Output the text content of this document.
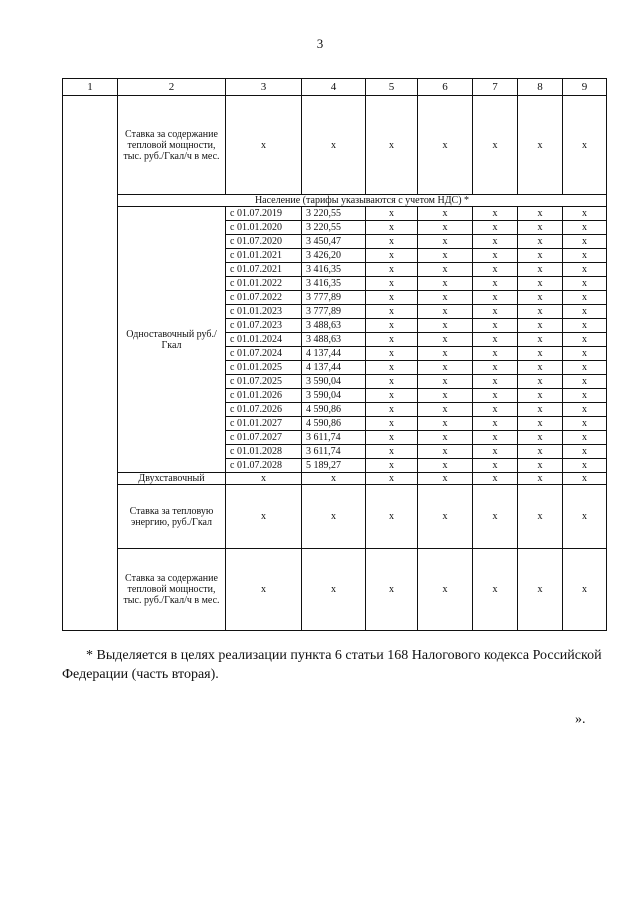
3
1	2	3	4	5	6	7	8	9
	Ставка за содержание тепловой мощности, тыс. руб./Гкал/ч в мес.	х	х	х	х	х	х	х
	Население (тарифы указываются с учетом НДС) *							
	Одноставочный руб./Гкал	с 01.07.2019	3 220,55	х	х	х	х	х
		с 01.01.2020	3 220,55	х	х	х	х	х
		с 01.07.2020	3 450,47	х	х	х	х	х
		с 01.01.2021	3 426,20	х	х	х	х	х
		с 01.07.2021	3 416,35	х	х	х	х	х
		с 01.01.2022	3 416,35	х	х	х	х	х
		с 01.07.2022	3 777,89	х	х	х	х	х
		с 01.01.2023	3 777,89	х	х	х	х	х
		с 01.07.2023	3 488,63	х	х	х	х	х
		с 01.01.2024	3 488,63	х	х	х	х	х
		с 01.07.2024	4 137,44	х	х	х	х	х
		с 01.01.2025	4 137,44	х	х	х	х	х
		с 01.07.2025	3 590,04	х	х	х	х	х
		с 01.01.2026	3 590,04	х	х	х	х	х
		с 01.07.2026	4 590,86	х	х	х	х	х
		с 01.01.2027	4 590,86	х	х	х	х	х
		с 01.07.2027	3 611,74	х	х	х	х	х
		с 01.01.2028	3 611,74	х	х	х	х	х
		с 01.07.2028	5 189,27	х	х	х	х	х
	Двухставочный	х	х	х	х	х	х	х
	Ставка за тепловую энергию, руб./Гкал	х	х	х	х	х	х	х
	Ставка за содержание тепловой мощности, тыс. руб./Гкал/ч в мес.	х	х	х	х	х	х	х
* Выделяется в целях реализации пункта 6 статьи 168 Налогового кодекса Российской Федерации (часть вторая).
».
